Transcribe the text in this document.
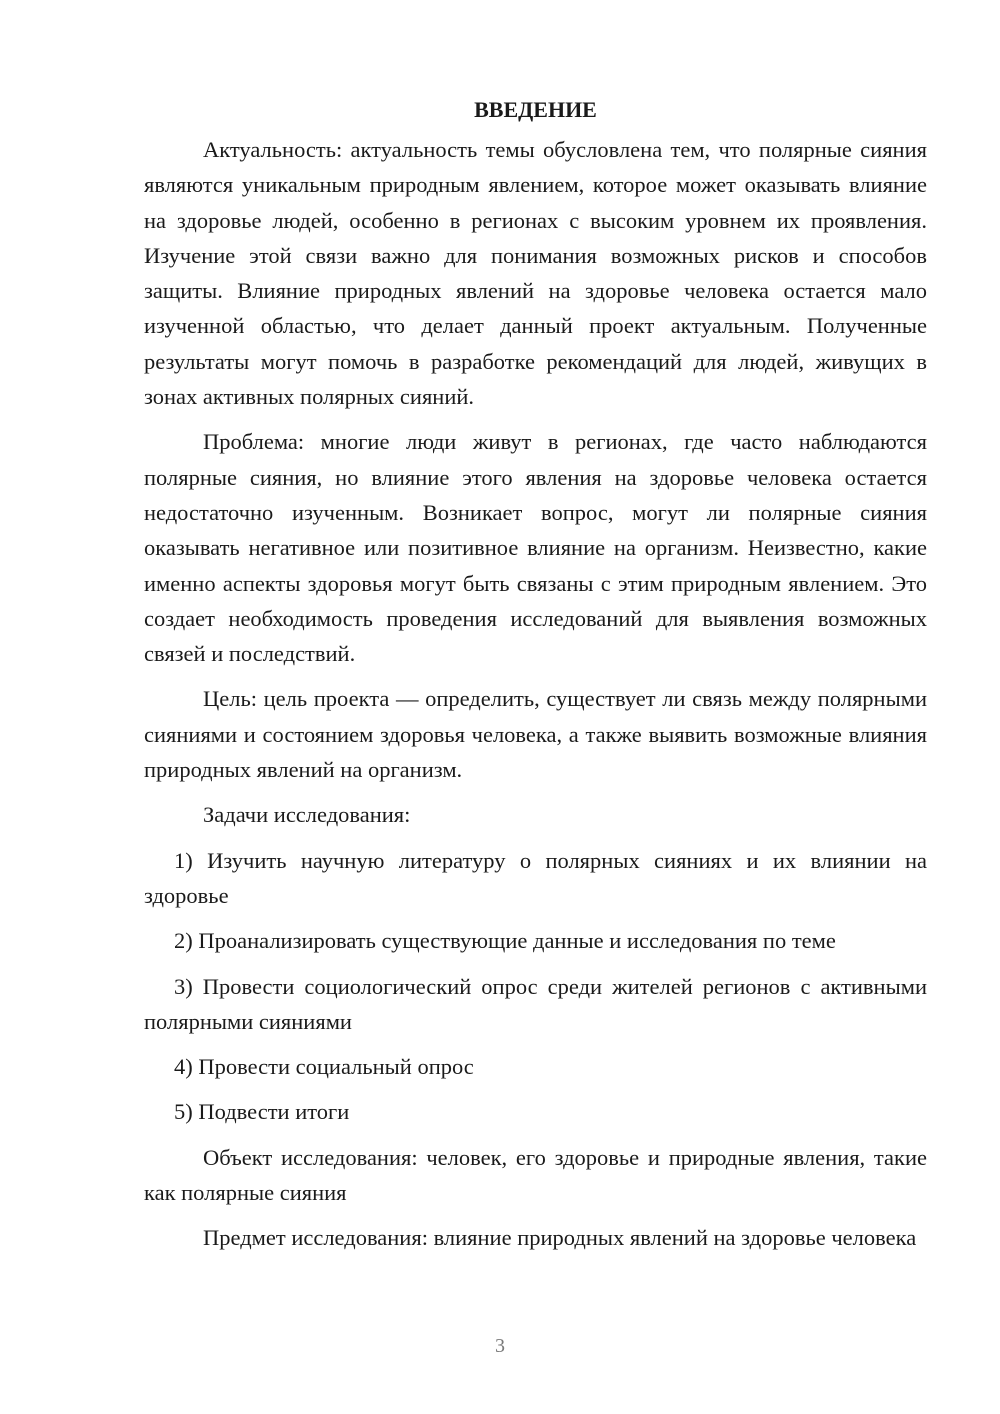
ВВЕДЕНИЕ

Актуальность: актуальность темы обусловлена тем, что полярные сияния являются уникальным природным явлением, которое может оказывать влияние на здоровье людей, особенно в регионах с высоким уровнем их проявления. Изучение этой связи важно для понимания возможных рисков и способов защиты. Влияние природных явлений на здоровье человека остается мало изученной областью, что делает данный проект актуальным. Полученные результаты могут помочь в разработке рекомендаций для людей, живущих в зонах активных полярных сияний.

Проблема: многие люди живут в регионах, где часто наблюдаются полярные сияния, но влияние этого явления на здоровье человека остается недостаточно изученным. Возникает вопрос, могут ли полярные сияния оказывать негативное или позитивное влияние на организм. Неизвестно, какие именно аспекты здоровья могут быть связаны с этим природным явлением. Это создает необходимость проведения исследований для выявления возможных связей и последствий.

Цель: цель проекта — определить, существует ли связь между полярными сияниями и состоянием здоровья человека, а также выявить возможные влияния природных явлений на организм.

Задачи исследования:

1) Изучить научную литературу о полярных сияниях и их влиянии на здоровье

2) Проанализировать существующие данные и исследования по теме

3) Провести социологический опрос среди жителей регионов с активными полярными сияниями

4) Провести социальный опрос

5) Подвести итоги

Объект исследования: человек, его здоровье и природные явления, такие как полярные сияния

Предмет исследования: влияние природных явлений на здоровье человека

3
